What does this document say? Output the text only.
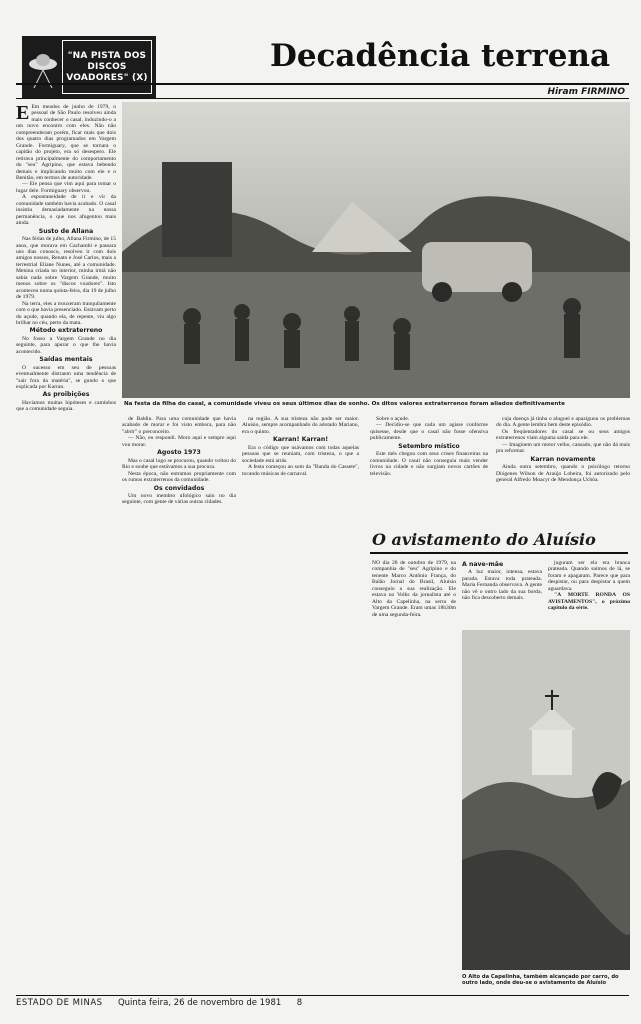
"NA PISTA DOS DISCOS VOADORES" (X)
Decadência terrena
Hiram FIRMINO

E Em meados de junho de 1979, o pessoal de São Paulo resolveu ainda mais conhecer o casal, induzindo-o a um novo encontro com eles. Não não compreenderam porém, ficar mais que dois dos quatro dias programados em Vargem Grande. Formiguary, que se tornara o capitão do projeto, era só desespero. Ele retirava principalmente do comportamento do "seu" Agripino, que estava bebendo demais e implicando muito com ele e o Benitão, em termos de autoridade.

— Ele pensa que vim aqui para tomar o lugar dele. Formiguary observou.

A espontaneidade de ir e vir da comunidade também havia acabado. O casal insistiu demasiadamente na nossa permanência, o que nos afugentou mais ainda.

Susto de Allana

Nas férias de julho, Allana Firmino, de 15 anos, que morava em Cachambi e passara uns dias conosco, resolveu ir com dois amigos nossos, Renato e José Carlos, mais a terrestrial Eliane Nunes, até a comunidade. Menina criada no interior, minha irmã não sabia nada sobre Vargem Grande, muito menos sobre os "discos voadores". Isto aconteceu numa quinta-feira, dia 19 de julho de 1979.

Na terra, eles a trouxeram tranquilamente com o que havia presenciado. Estavam perto do açude, quando ela, de repente, viu algo brilhar no céu, perto da mata.

Método extraterreno

No fosso a Vargem Grande no dia seguinte, para apurar o que lhe havia acontecido.

Saídas mentais

O sucesso em seu de pessoas eventualmente distraem uma tendência de "sair fora da matéria", se gundo o que explicada por Karran.

As proibições

Havíamos muitas hipóteses e caminhos que a comunidade seguia.

Na festa da filha do casal, a comunidade viveu os seus últimos dias de sonho. Os ditos valores extraterrenos foram aliados definitivamente

de Baldin. Para uma comunidade que havia acabado de morar e foi visto embora, para não "abrir" o preconceito.

— Não, eu respondi. Moro aqui e sempre aqui vou morar.

Agosto 1973

Mas o casal logo se procurou, quando voltou do Rio e soube que estávamos a sua procura.

Nesta época, não entramos propriamente com os rumos extraterrenos da comunidade.

Os convidados

Um novo membro ufológico saiu no dia seguinte, com gente de várias outras cidades.

na região. A sua tristeza não pode ser maior. Aluísio, sempre acompanhado do adotado Mariano, era o quinto.

Karran! Karran!

Era o código que usávamos com todas aquelas pessoas que se reuniam, com tristeza, o que a sociedade está atrás.

A festa começou ao som da "Banda do Cassete", tocando músicas de carnaval.

Sobre o açude.

— Decidiu-se que cada um agisse conforme quisesse, desde que o casal não fosse ofensiva publicamente.

Setembro místico

Este mês chegou com seus crises financeiras na comunidade. O casal não conseguia mais vender livros na cidade e não surgiam novos cartões de televisão.

cuja doença já tinha o aluguel e apaziguou os problemas do dia. A gente lembra bem deste episódio.

Os freqüentadores do casal se ou seus amigos extraterrenos viam alguma saída para ele.

— Imaginem um motor velho, cansado, que não dá mais pra reformar.

Karran novamente

Ainda outra setembro, quando o psicólogo retorno Diógenes Wilson de Araújo Lobeira, foi autorizado pelo general Alfredo Moacyr de Mendonça Uchôa.

O avistamento do Aluísio

NO dia 28 de outubro de 1979, na companhia de "seu" Agripino e do tenente Marco Antônio França, do Balão Jornal do Brasil, Aluísio conseguiu a sua realização. Ele estava no Volks da jornalista até o Alto da Capelinha, na serra de Vargem Grande. Eram umas 18h30m de uma segunda-feira.

A nave-mãe

A luz maior, intensa, estava parada. Estava toda prateada. Maria Fernanda observava. A gente não vê o outro lado da sua borda, não fica descoberto demais.

juguram ser ela era branca prateada. Quando saímos de lá, se foram e apagaram. Parece que para despistar, ou para despistar a quem aguardava.

"A MORTE RONDA OS AVISTAMENTOS", o próximo capítulo da série.

O Alto da Capelinha, também alcançado por carro, do outro lado, onde deu-se o avistamento de Aluísio
ESTADO DE MINAS Quinta feira, 26 de novembro de 1981 8
